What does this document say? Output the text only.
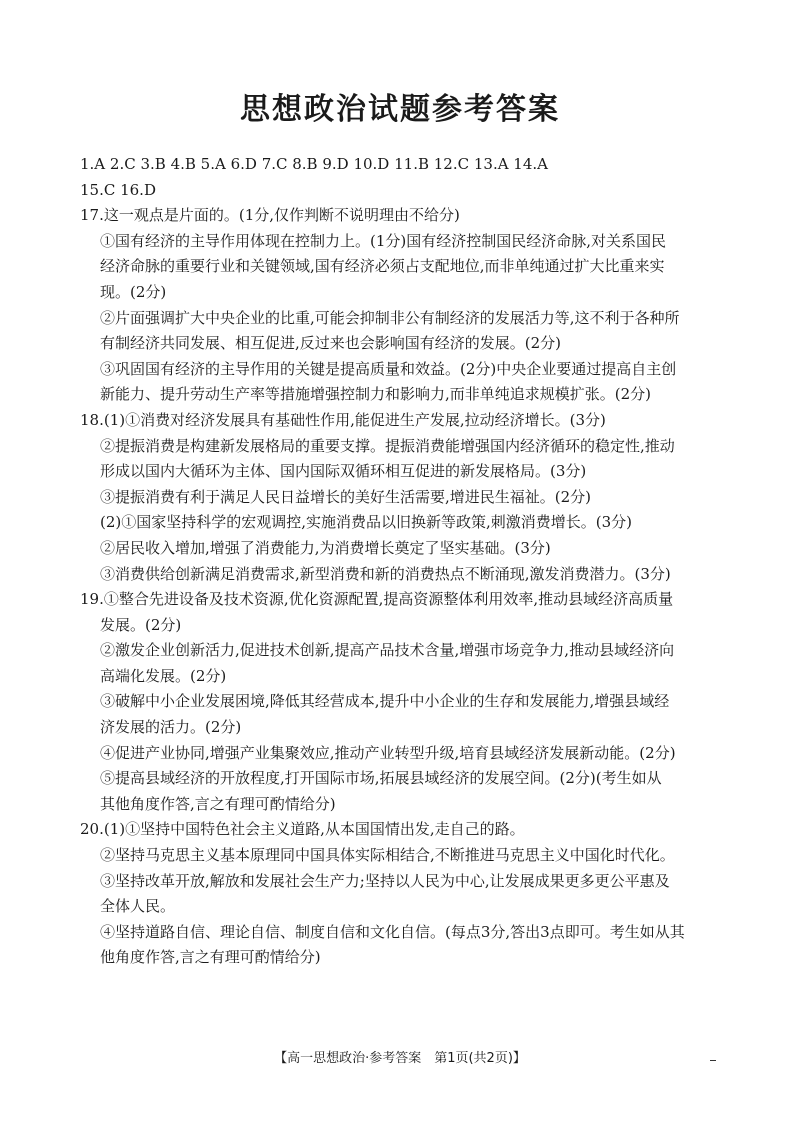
思想政治试题参考答案
1.A 2.C 3.B 4.B 5.A 6.D 7.C 8.B 9.D 10.D 11.B 12.C 13.A 14.A
15.C 16.D
17.这一观点是片面的。(1分,仅作判断不说明理由不给分)
①国有经济的主导作用体现在控制力上。(1分)国有经济控制国民经济命脉,对关系国民
经济命脉的重要行业和关键领域,国有经济必须占支配地位,而非单纯通过扩大比重来实
现。(2分)
②片面强调扩大中央企业的比重,可能会抑制非公有制经济的发展活力等,这不利于各种所
有制经济共同发展、相互促进,反过来也会影响国有经济的发展。(2分)
③巩固国有经济的主导作用的关键是提高质量和效益。(2分)中央企业要通过提高自主创
新能力、提升劳动生产率等措施增强控制力和影响力,而非单纯追求规模扩张。(2分)
18.(1)①消费对经济发展具有基础性作用,能促进生产发展,拉动经济增长。(3分)
②提振消费是构建新发展格局的重要支撑。提振消费能增强国内经济循环的稳定性,推动
形成以国内大循环为主体、国内国际双循环相互促进的新发展格局。(3分)
③提振消费有利于满足人民日益增长的美好生活需要,增进民生福祉。(2分)
(2)①国家坚持科学的宏观调控,实施消费品以旧换新等政策,刺激消费增长。(3分)
②居民收入增加,增强了消费能力,为消费增长奠定了坚实基础。(3分)
③消费供给创新满足消费需求,新型消费和新的消费热点不断涌现,激发消费潜力。(3分)
19.①整合先进设备及技术资源,优化资源配置,提高资源整体利用效率,推动县域经济高质量
发展。(2分)
②激发企业创新活力,促进技术创新,提高产品技术含量,增强市场竞争力,推动县域经济向
高端化发展。(2分)
③破解中小企业发展困境,降低其经营成本,提升中小企业的生存和发展能力,增强县域经
济发展的活力。(2分)
④促进产业协同,增强产业集聚效应,推动产业转型升级,培育县域经济发展新动能。(2分)
⑤提高县域经济的开放程度,打开国际市场,拓展县域经济的发展空间。(2分)(考生如从
其他角度作答,言之有理可酌情给分)
20.(1)①坚持中国特色社会主义道路,从本国国情出发,走自己的路。
②坚持马克思主义基本原理同中国具体实际相结合,不断推进马克思主义中国化时代化。
③坚持改革开放,解放和发展社会生产力;坚持以人民为中心,让发展成果更多更公平惠及
全体人民。
④坚持道路自信、理论自信、制度自信和文化自信。(每点3分,答出3点即可。考生如从其
他角度作答,言之有理可酌情给分)
【高一思想政治·参考答案　第1页(共2页)】
